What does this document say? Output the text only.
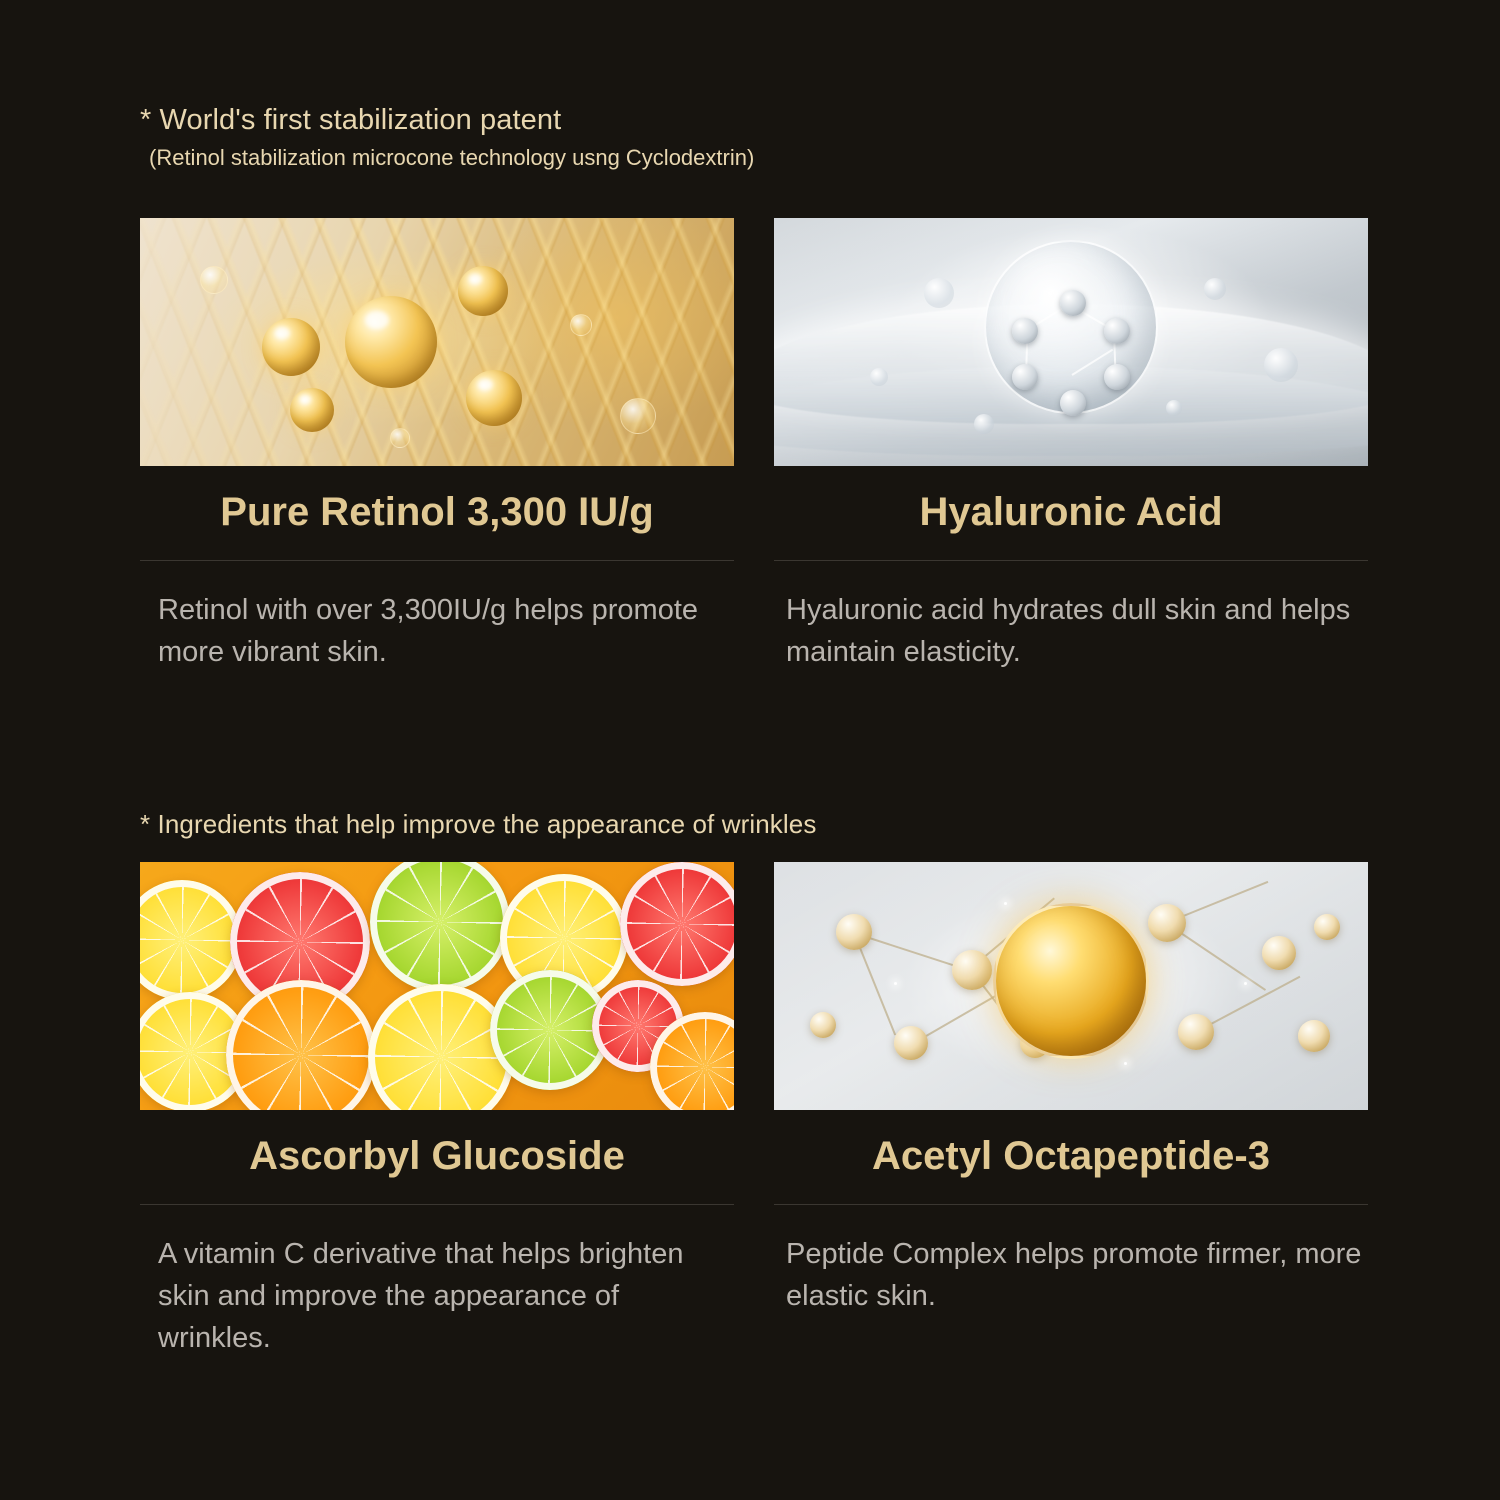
* World's first stabilization patent
(Retinol stabilization microcone technology usng Cyclodextrin)
Pure Retinol 3,300 IU/g
Retinol with over 3,300IU/g helps promote more vibrant skin.
Hyaluronic Acid
Hyaluronic acid hydrates dull skin and helps maintain elasticity.
* Ingredients that help improve the appearance of wrinkles
Ascorbyl Glucoside
A vitamin C derivative that helps brighten skin and improve the appearance of wrinkles.
Acetyl Octapeptide-3
Peptide Complex helps promote firmer, more elastic skin.
